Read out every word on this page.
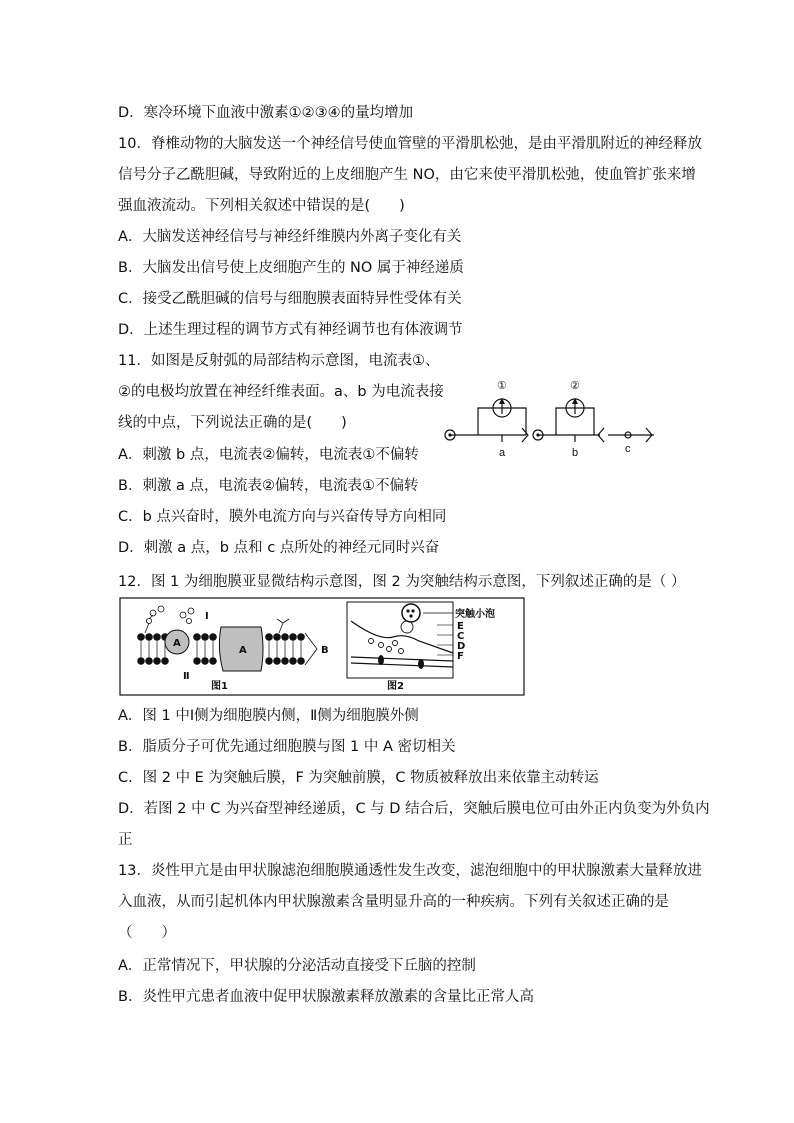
D．寒冷环境下血液中激素①②③④的量均增加
10．脊椎动物的大脑发送一个神经信号使血管壁的平滑肌松弛，是由平滑肌附近的神经释放
信号分子乙酰胆碱，导致附近的上皮细胞产生 NO，由它来使平滑肌松弛，使血管扩张来增
强血液流动。下列相关叙述中错误的是(　　)
A．大脑发送神经信号与神经纤维膜内外离子变化有关
B．大脑发出信号使上皮细胞产生的 NO 属于神经递质
C．接受乙酰胆碱的信号与细胞膜表面特异性受体有关
D．上述生理过程的调节方式有神经调节也有体液调节
11．如图是反射弧的局部结构示意图，电流表①、
②的电极均放置在神经纤维表面。a、b 为电流表接
线的中点，下列说法正确的是(　　)
A．刺激 b 点，电流表②偏转，电流表①不偏转
B．刺激 a 点，电流表②偏转，电流表①不偏转
C．b 点兴奋时，膜外电流方向与兴奋传导方向相同
D．刺激 a 点，b 点和 c 点所处的神经元同时兴奋
①	②
a	b	c
12．图 1 为细胞膜亚显微结构示意图，图 2 为突触结构示意图，下列叙述正确的是（ ）
A
A	B
Ⅰ
Ⅱ
图1
突触小泡
E
C
D
F
图2
A．图 1 中Ⅰ侧为细胞膜内侧，Ⅱ侧为细胞膜外侧
B．脂质分子可优先通过细胞膜与图 1 中 A 密切相关
C．图 2 中 E 为突触后膜，F 为突触前膜，C 物质被释放出来依靠主动转运
D．若图 2 中 C 为兴奋型神经递质，C 与 D 结合后，突触后膜电位可由外正内负变为外负内
正
13．炎性甲亢是由甲状腺滤泡细胞膜通透性发生改变，滤泡细胞中的甲状腺激素大量释放进
入血液，从而引起机体内甲状腺激素含量明显升高的一种疾病。下列有关叙述正确的是
（　　）
A．正常情况下，甲状腺的分泌活动直接受下丘脑的控制
B．炎性甲亢患者血液中促甲状腺激素释放激素的含量比正常人高
